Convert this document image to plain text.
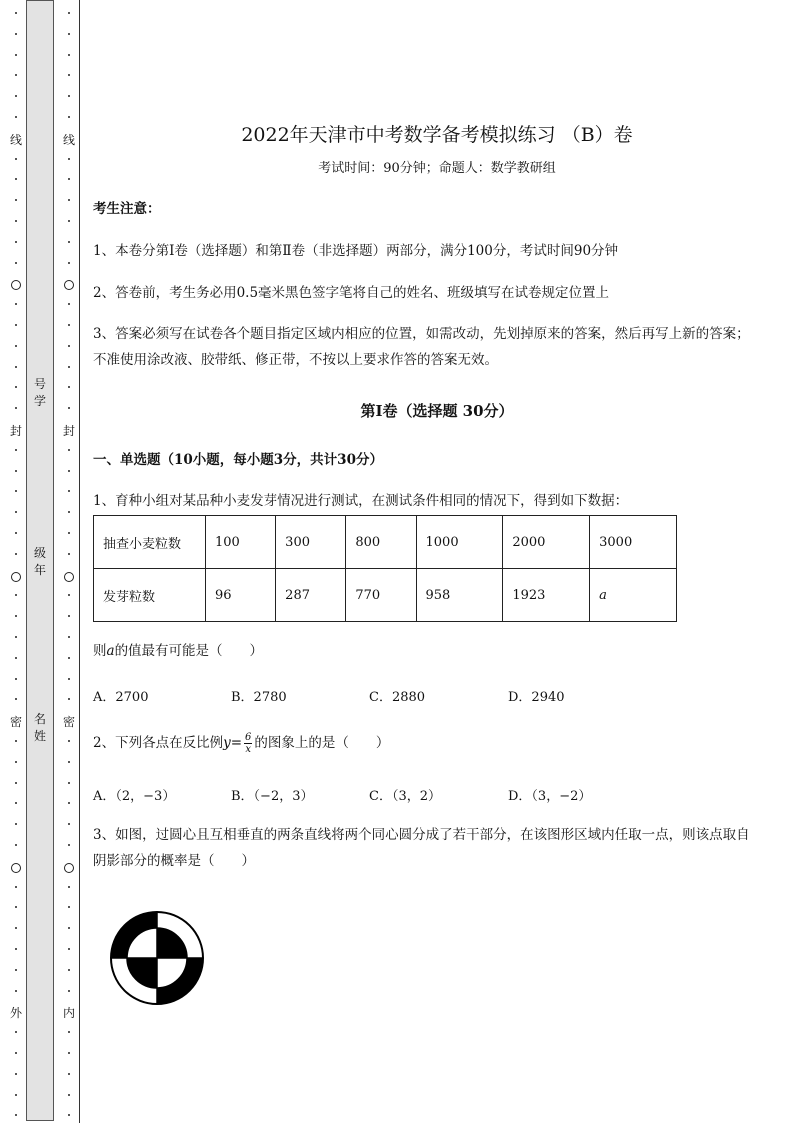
线
封
密
外
线
封
密
内
号
学
级
年
名
姓
2022年天津市中考数学备考模拟练习 （B）卷
考试时间：90分钟；命题人：数学教研组
考生注意：
1、本卷分第Ⅰ卷（选择题）和第Ⅱ卷（非选择题）两部分，满分100分，考试时间90分钟
2、答卷前，考生务必用0.5毫米黑色签字笔将自己的姓名、班级填写在试卷规定位置上
3、答案必须写在试卷各个题目指定区域内相应的位置，如需改动，先划掉原来的答案，然后再写上新的答案；不准使用涂改液、胶带纸、修正带，不按以上要求作答的答案无效。
第Ⅰ卷（选择题 30分）
一、单选题（10小题，每小题3分，共计30分）
1、育种小组对某品种小麦发芽情况进行测试，在测试条件相同的情况下，得到如下数据：
抽查小麦粒数	100	300	800	1000	2000	3000
发芽粒数	96	287	770	958	1923	a
则a的值最有可能是（　　）
A．2700	B．2780	C．2880	D．2940
2、下列各点在反比例$y= \frac{6}{x}$ 的图象上的是（　　）
A．（2，−3）	B．（−2，3）	C．（3，2）	D．（3，−2）
3、如图，过圆心且互相垂直的两条直线将两个同心圆分成了若干部分，在该图形区域内任取一点，则该点取自阴影部分的概率是（　　）
